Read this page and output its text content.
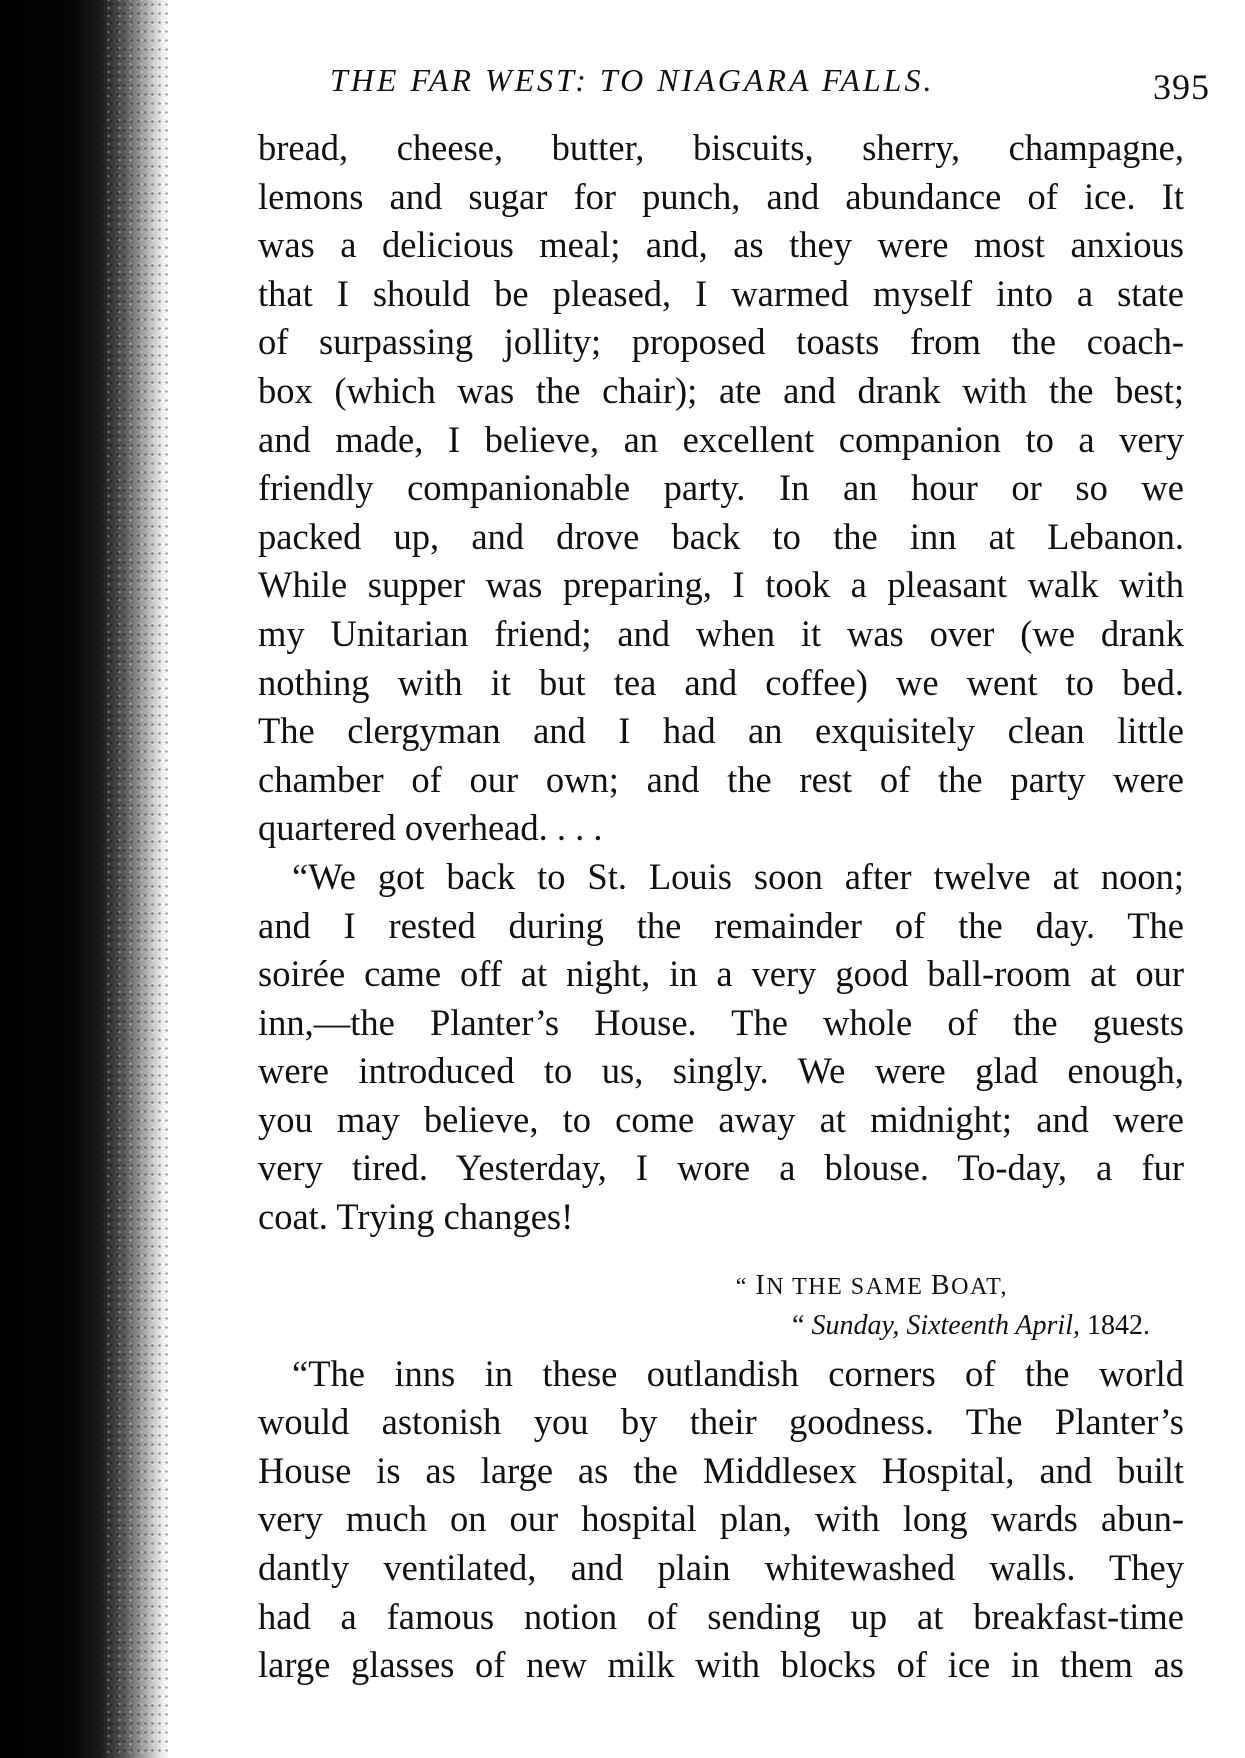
THE FAR WEST: TO NIAGARA FALLS.	395
bread, cheese, butter, biscuits, sherry, champagne,
lemons and sugar for punch, and abundance of ice. It
was a delicious meal; and, as they were most anxious
that I should be pleased, I warmed myself into a state
of surpassing jollity; proposed toasts from the coach-
box (which was the chair); ate and drank with the best;
and made, I believe, an excellent companion to a very
friendly companionable party. In an hour or so we
packed up, and drove back to the inn at Lebanon.
While supper was preparing, I took a pleasant walk with
my Unitarian friend; and when it was over (we drank
nothing with it but tea and coffee) we went to bed.
The clergyman and I had an exquisitely clean little
chamber of our own; and the rest of the party were
quartered overhead. . . .
“We got back to St. Louis soon after twelve at noon;
and I rested during the remainder of the day. The
soirée came off at night, in a very good ball-room at our
inn,—the Planter’s House. The whole of the guests
were introduced to us, singly. We were glad enough,
you may believe, to come away at midnight; and were
very tired. Yesterday, I wore a blouse. To-day, a fur
coat. Trying changes!
“ IN THE SAME BOAT,
“ Sunday, Sixteenth April, 1842.
“The inns in these outlandish corners of the world
would astonish you by their goodness. The Planter’s
House is as large as the Middlesex Hospital, and built
very much on our hospital plan, with long wards abun-
dantly ventilated, and plain whitewashed walls. They
had a famous notion of sending up at breakfast-time
large glasses of new milk with blocks of ice in them as
